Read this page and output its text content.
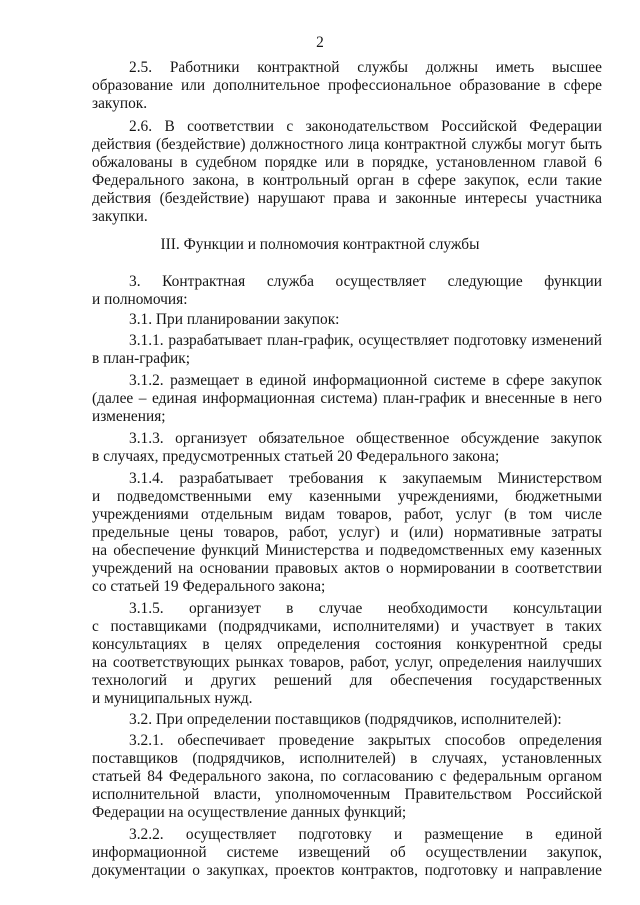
2
2.5. Работники контрактной службы должны иметь высшее
образование или дополнительное профессиональное образование в сфере
закупок.
2.6. В соответствии с законодательством Российской Федерации
действия (бездействие) должностного лица контрактной службы могут быть
обжалованы в судебном порядке или в порядке, установленном главой 6
Федерального закона, в контрольный орган в сфере закупок, если такие
действия (бездействие) нарушают права и законные интересы участника
закупки.
III. Функции и полномочия контрактной службы
3. Контрактная служба осуществляет следующие функции
и полномочия:
3.1. При планировании закупок:
3.1.1. разрабатывает план-график, осуществляет подготовку изменений
в план-график;
3.1.2. размещает в единой информационной системе в сфере закупок
(далее – единая информационная система) план-график и внесенные в него
изменения;
3.1.3. организует обязательное общественное обсуждение закупок
в случаях, предусмотренных статьей 20 Федерального закона;
3.1.4. разрабатывает требования к закупаемым Министерством
и подведомственными ему казенными учреждениями, бюджетными
учреждениями отдельным видам товаров, работ, услуг (в том числе
предельные цены товаров, работ, услуг) и (или) нормативные затраты
на обеспечение функций Министерства и подведомственных ему казенных
учреждений на основании правовых актов о нормировании в соответствии
со статьей 19 Федерального закона;
3.1.5. организует в случае необходимости консультации
с поставщиками (подрядчиками, исполнителями) и участвует в таких
консультациях в целях определения состояния конкурентной среды
на соответствующих рынках товаров, работ, услуг, определения наилучших
технологий и других решений для обеспечения государственных
и муниципальных нужд.
3.2. При определении поставщиков (подрядчиков, исполнителей):
3.2.1. обеспечивает проведение закрытых способов определения
поставщиков (подрядчиков, исполнителей) в случаях, установленных
статьей 84 Федерального закона, по согласованию с федеральным органом
исполнительной власти, уполномоченным Правительством Российской
Федерации на осуществление данных функций;
3.2.2. осуществляет подготовку и размещение в единой
информационной системе извещений об осуществлении закупок,
документации о закупках, проектов контрактов, подготовку и направление
